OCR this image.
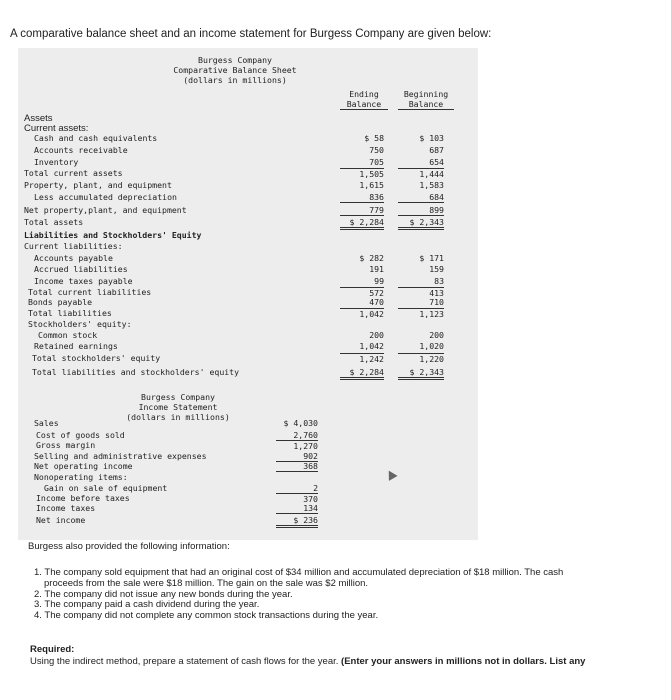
A comparative balance sheet and an income statement for Burgess Company are given below:
Burgess Company
Comparative Balance Sheet
(dollars in millions)
Ending
Balance
Beginning
Balance
Assets
Current assets:
Cash and cash equivalents	$ 58	$ 103
Accounts receivable	750	687
Inventory	705	654
Total current assets	1,505	1,444
Property, plant, and equipment	1,615	1,583
Less accumulated depreciation	836	684
Net property,plant, and equipment	779	899
Total assets	$ 2,284	$ 2,343
Liabilities and Stockholders' Equity
Current liabilities:
Accounts payable	$ 282	$ 171
Accrued liabilities	191	159
Income taxes payable	99	83
Total current liabilities	572	413
Bonds payable	470	710
Total liabilities	1,042	1,123
Stockholders' equity:
Common stock	200	200
Retained earnings	1,042	1,020
Total stockholders' equity	1,242	1,220
Total liabilities and stockholders' equity	$ 2,284	$ 2,343
Burgess Company
Income Statement
(dollars in millions)
Sales	$ 4,030
Cost of goods sold	2,760
Gross margin	1,270
Selling and administrative expenses	902
Net operating income	368
Nonoperating items:
Gain on sale of equipment	2
Income before taxes	370
Income taxes	134
Net income	$ 236
Burgess also provided the following information:
1. The company sold equipment that had an original cost of $34 million and accumulated depreciation of $18 million. The cash
proceeds from the sale were $18 million. The gain on the sale was $2 million.
2. The company did not issue any new bonds during the year.
3. The company paid a cash dividend during the year.
4. The company did not complete any common stock transactions during the year.
Required:
Using the indirect method, prepare a statement of cash flows for the year. (Enter your answers in millions not in dollars. List any
